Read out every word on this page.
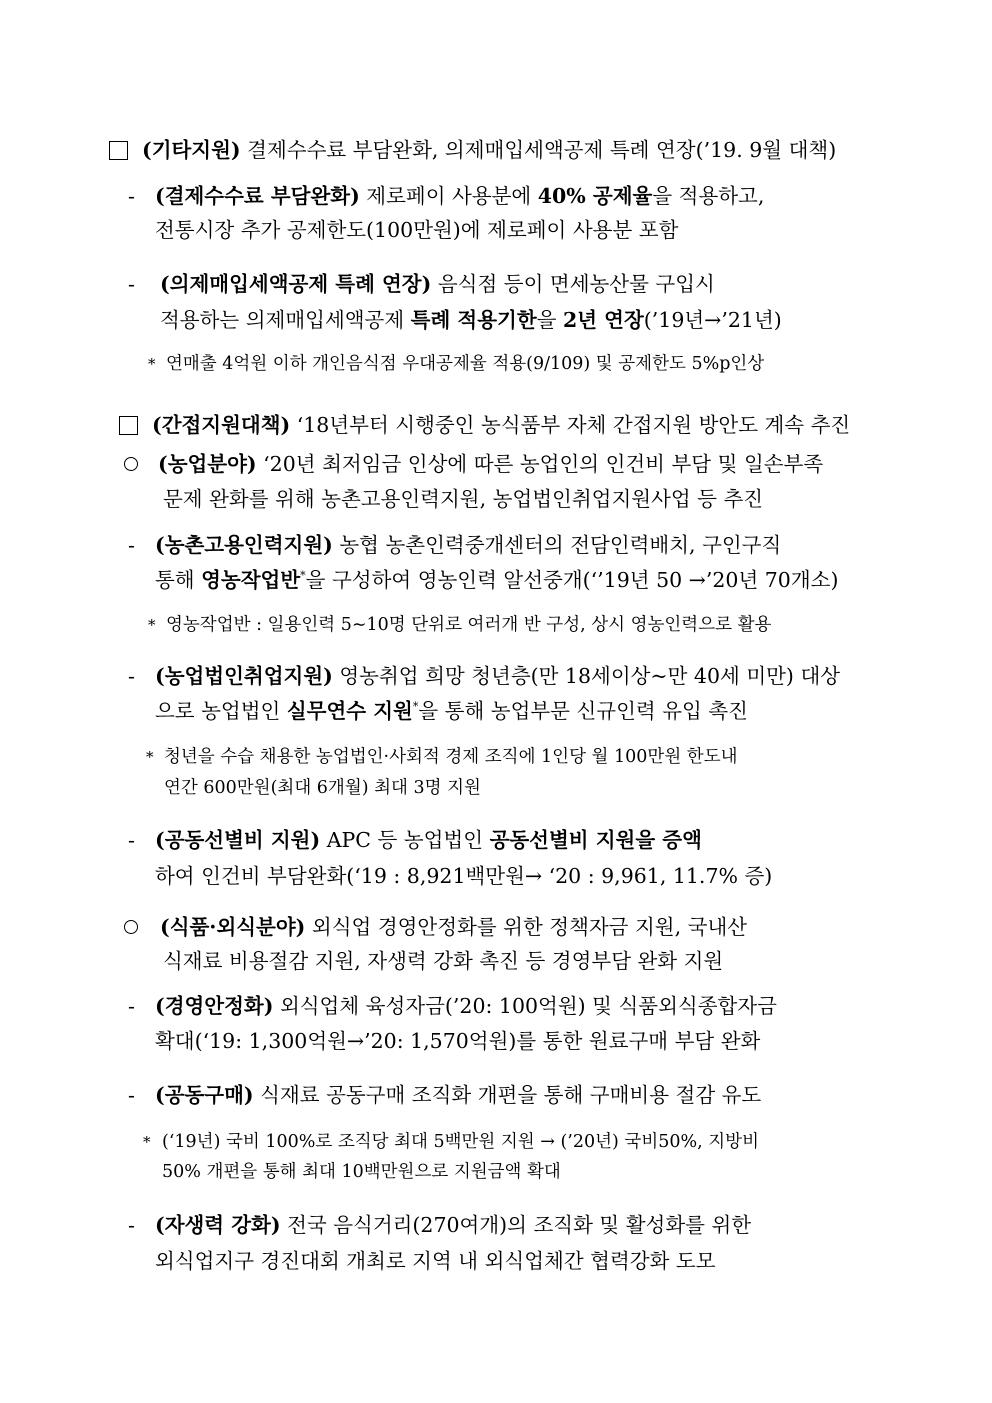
(기타지원) 결제수수료 부담완화, 의제매입세액공제 특례 연장(’19. 9월 대책)
- (결제수수료 부담완화) 제로페이 사용분에 40% 공제율을 적용하고,
전통시장 추가 공제한도(100만원)에 제로페이 사용분 포함
- (의제매입세액공제 특례 연장) 음식점 등이 면세농산물 구입시
적용하는 의제매입세액공제 특례 적용기한을 2년 연장(’19년→’21년)
* 연매출 4억원 이하 개인음식점 우대공제율 적용(9/109) 및 공제한도 5%p인상
(간접지원대책) ‘18년부터 시행중인 농식품부 자체 간접지원 방안도 계속 추진
(농업분야) ‘20년 최저임금 인상에 따른 농업인의 인건비 부담 및 일손부족
문제 완화를 위해 농촌고용인력지원, 농업법인취업지원사업 등 추진
- (농촌고용인력지원) 농협 농촌인력중개센터의 전담인력배치, 구인구직
통해 영농작업반*을 구성하여 영농인력 알선중개(‘’19년 50 →’20년 70개소)
* 영농작업반 : 일용인력 5∼10명 단위로 여러개 반 구성, 상시 영농인력으로 활용
- (농업법인취업지원) 영농취업 희망 청년층(만 18세이상~만 40세 미만) 대상
으로 농업법인 실무연수 지원*을 통해 농업부문 신규인력 유입 촉진
* 청년을 수습 채용한 농업법인·사회적 경제 조직에 1인당 월 100만원 한도내
연간 600만원(최대 6개월) 최대 3명 지원
- (공동선별비 지원) APC 등 농업법인 공동선별비 지원을 증액
하여 인건비 부담완화(‘19 : 8,921백만원→ ‘20 : 9,961, 11.7% 증)
(식품·외식분야) 외식업 경영안정화를 위한 정책자금 지원, 국내산
식재료 비용절감 지원, 자생력 강화 촉진 등 경영부담 완화 지원
- (경영안정화) 외식업체 육성자금(’20: 100억원) 및 식품외식종합자금
확대(‘19: 1,300억원→’20: 1,570억원)를 통한 원료구매 부담 완화
- (공동구매) 식재료 공동구매 조직화 개편을 통해 구매비용 절감 유도
* (‘19년) 국비 100%로 조직당 최대 5백만원 지원 → (’20년) 국비50%, 지방비
50% 개편을 통해 최대 10백만원으로 지원금액 확대
- (자생력 강화) 전국 음식거리(270여개)의 조직화 및 활성화를 위한
외식업지구 경진대회 개최로 지역 내 외식업체간 협력강화 도모
